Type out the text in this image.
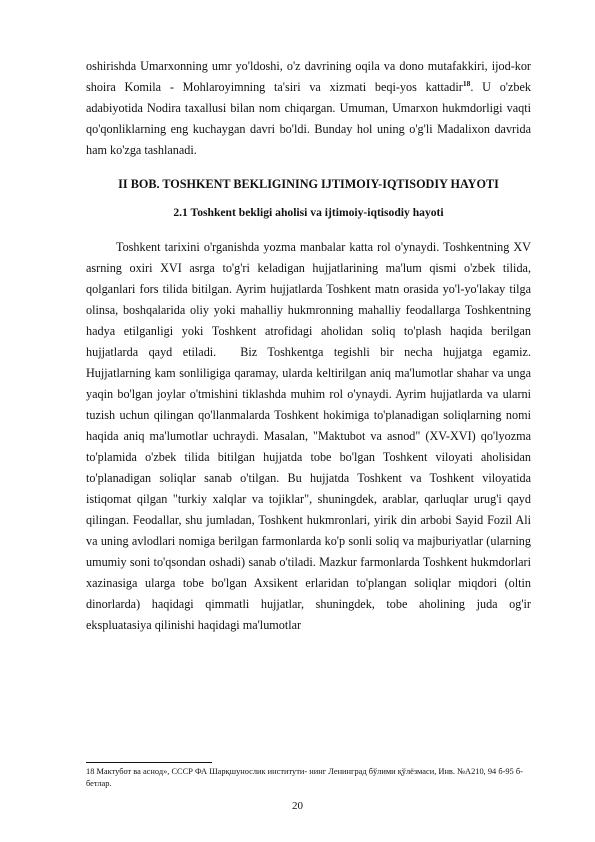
oshirishda Umarxonning umr yo'ldoshi, o'z davrining oqila va dono mutafakkiri, ijod-kor shoira Komila - Mohlaroyimning ta'siri va xizmati beqi-yos kattadir$^{18}$. U o'zbek adabiyotida Nodira taxallusi bilan nom chiqargan. Umuman, Umarxon hukmdorligi vaqti qo'qonliklarning eng kuchaygan davri bo'ldi. Bunday hol uning o'g'li Madalixon davrida ham ko'zga tashlanadi.

II BOB. TOSHKENT BEKLIGINING IJTIMOIY-IQTISODIY HAYOTI
2.1 Toshkent bekligi aholisi va ijtimoiy-iqtisodiy hayoti

Toshkent tarixini o'rganishda yozma manbalar katta rol o'ynaydi. Toshkentning XV asrning oxiri XVI asrga to'g'ri keladigan hujjatlarining ma'lum qismi o'zbek tilida, qolganlari fors tilida bitilgan. Ayrim hujjatlarda Toshkent matn orasida yo'l-yo'lakay tilga olinsa, boshqalarida oliy yoki mahalliy hukmronning mahalliy feodallarga Toshkentning hadya etilganligi yoki Toshkent atrofidagi aholidan soliq to'plash haqida berilgan hujjatlarda qayd etiladi. Biz Toshkentga tegishli bir necha hujjatga egamiz. Hujjatlarning kam sonliligiga qaramay, ularda keltirilgan aniq ma'lumotlar shahar va unga yaqin bo'lgan joylar o'tmishini tiklashda muhim rol o'ynaydi. Ayrim hujjatlarda va ularni tuzish uchun qilingan qo'llanmalarda Toshkent hokimiga to'planadigan soliqlarning nomi haqida aniq ma'lumotlar uchraydi. Masalan, "Maktubot va asnod" (XV-XVI) qo'lyozma to'plamida o'zbek tilida bitilgan hujjatda tobe bo'lgan Toshkent viloyati aholisidan to'planadigan soliqlar sanab o'tilgan. Bu hujjatda Toshkent va Toshkent viloyatida istiqomat qilgan "turkiy xalqlar va tojiklar", shuningdek, arablar, qarluqlar urug'i qayd qilingan. Feodallar, shu jumladan, Toshkent hukmronlari, yirik din arbobi Sayid Fozil Ali va uning avlodlari nomiga berilgan farmonlarda ko'p sonli soliq va majburiyatlar (ularning umumiy soni to'qsondan oshadi) sanab o'tiladi. Mazkur farmonlarda Toshkent hukmdorlari xazinasiga ularga tobe bo'lgan Axsikent erlaridan to'plangan soliqlar miqdori (oltin dinorlarda) haqidagi qimmatli hujjatlar, shuningdek, tobe aholining juda og'ir ekspluatasiya qilinishi haqidagi ma'lumotlar

18 Мактубот ва аснод», СССР ФА Шарқшунослик институти- нинг Ленинград бўлими қўлёзмаси, Инв. №А210, 94 б-95 б- бетлар.

20
